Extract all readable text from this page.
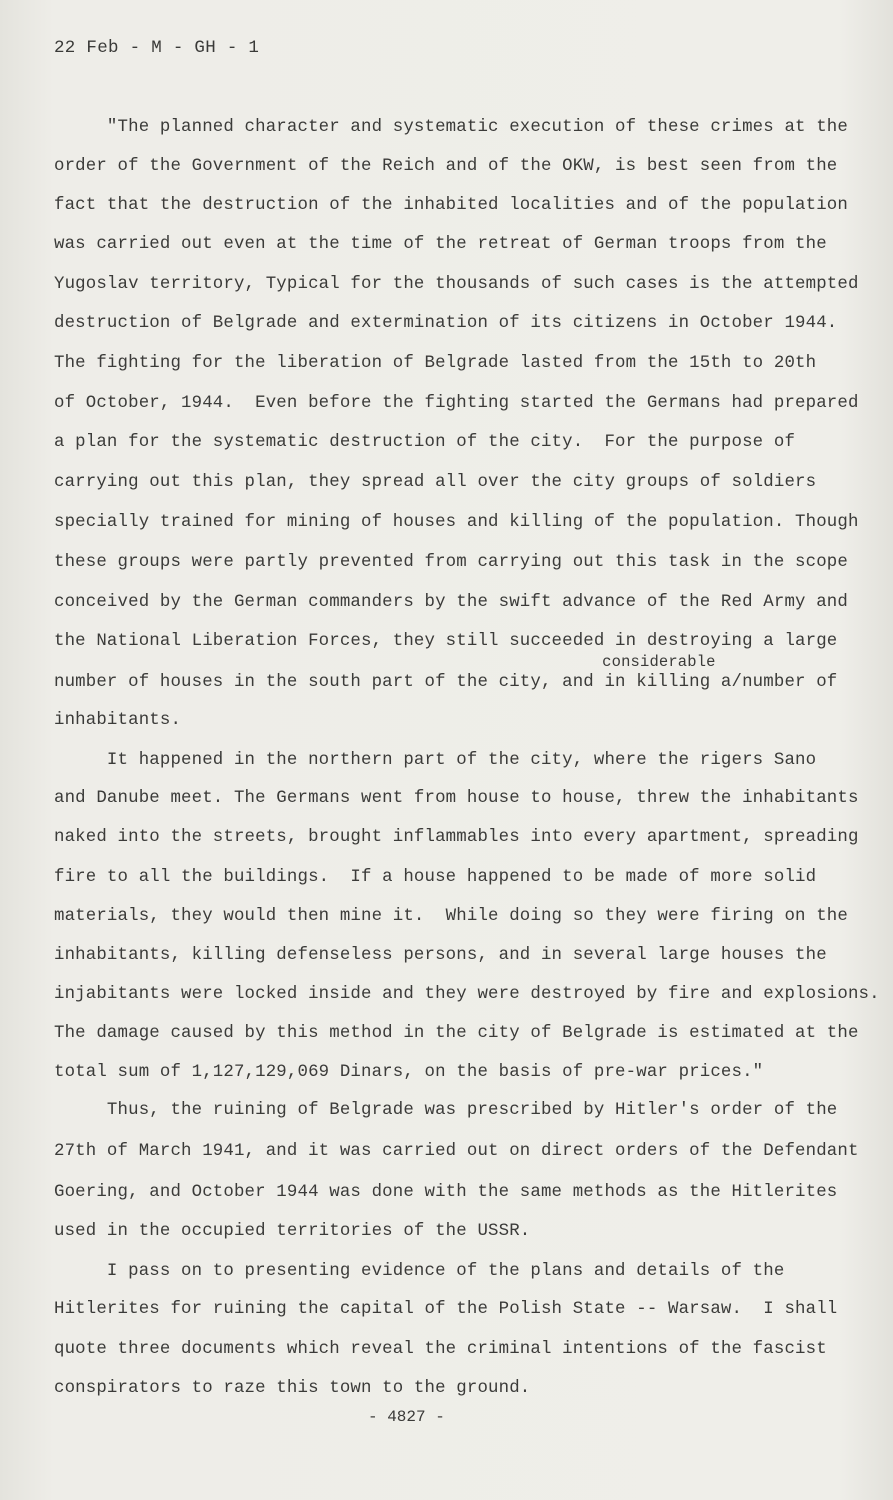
22 Feb - M - GH - 1
"The planned character and systematic execution of these crimes at the
order of the Government of the Reich and of the OKW, is best seen from the
fact that the destruction of the inhabited localities and of the population
was carried out even at the time of the retreat of German troops from the
Yugoslav territory, Typical for the thousands of such cases is the attempted
destruction of Belgrade and extermination of its citizens in October 1944.
The fighting for the liberation of Belgrade lasted from the 15th to 20th
of October, 1944.  Even before the fighting started the Germans had prepared
a plan for the systematic destruction of the city.  For the purpose of
carrying out this plan, they spread all over the city groups of soldiers
specially trained for mining of houses and killing of the population. Though
these groups were partly prevented from carrying out this task in the scope
conceived by the German commanders by the swift advance of the Red Army and
the National Liberation Forces, they still succeeded in destroying a large
considerable
number of houses in the south part of the city, and in killing a/number of
inhabitants.
It happened in the northern part of the city, where the rigers Sano
and Danube meet. The Germans went from house to house, threw the inhabitants
naked into the streets, brought inflammables into every apartment, spreading
fire to all the buildings.  If a house happened to be made of more solid
materials, they would then mine it.  While doing so they were firing on the
inhabitants, killing defenseless persons, and in several large houses the
injabitants were locked inside and they were destroyed by fire and explosions.
The damage caused by this method in the city of Belgrade is estimated at the
total sum of 1,127,129,069 Dinars, on the basis of pre-war prices."
Thus, the ruining of Belgrade was prescribed by Hitler's order of the
27th of March 1941, and it was carried out on direct orders of the Defendant
Goering, and October 1944 was done with the same methods as the Hitlerites
used in the occupied territories of the USSR.
I pass on to presenting evidence of the plans and details of the
Hitlerites for ruining the capital of the Polish State -- Warsaw.  I shall
quote three documents which reveal the criminal intentions of the fascist
conspirators to raze this town to the ground.
- 4827 -
